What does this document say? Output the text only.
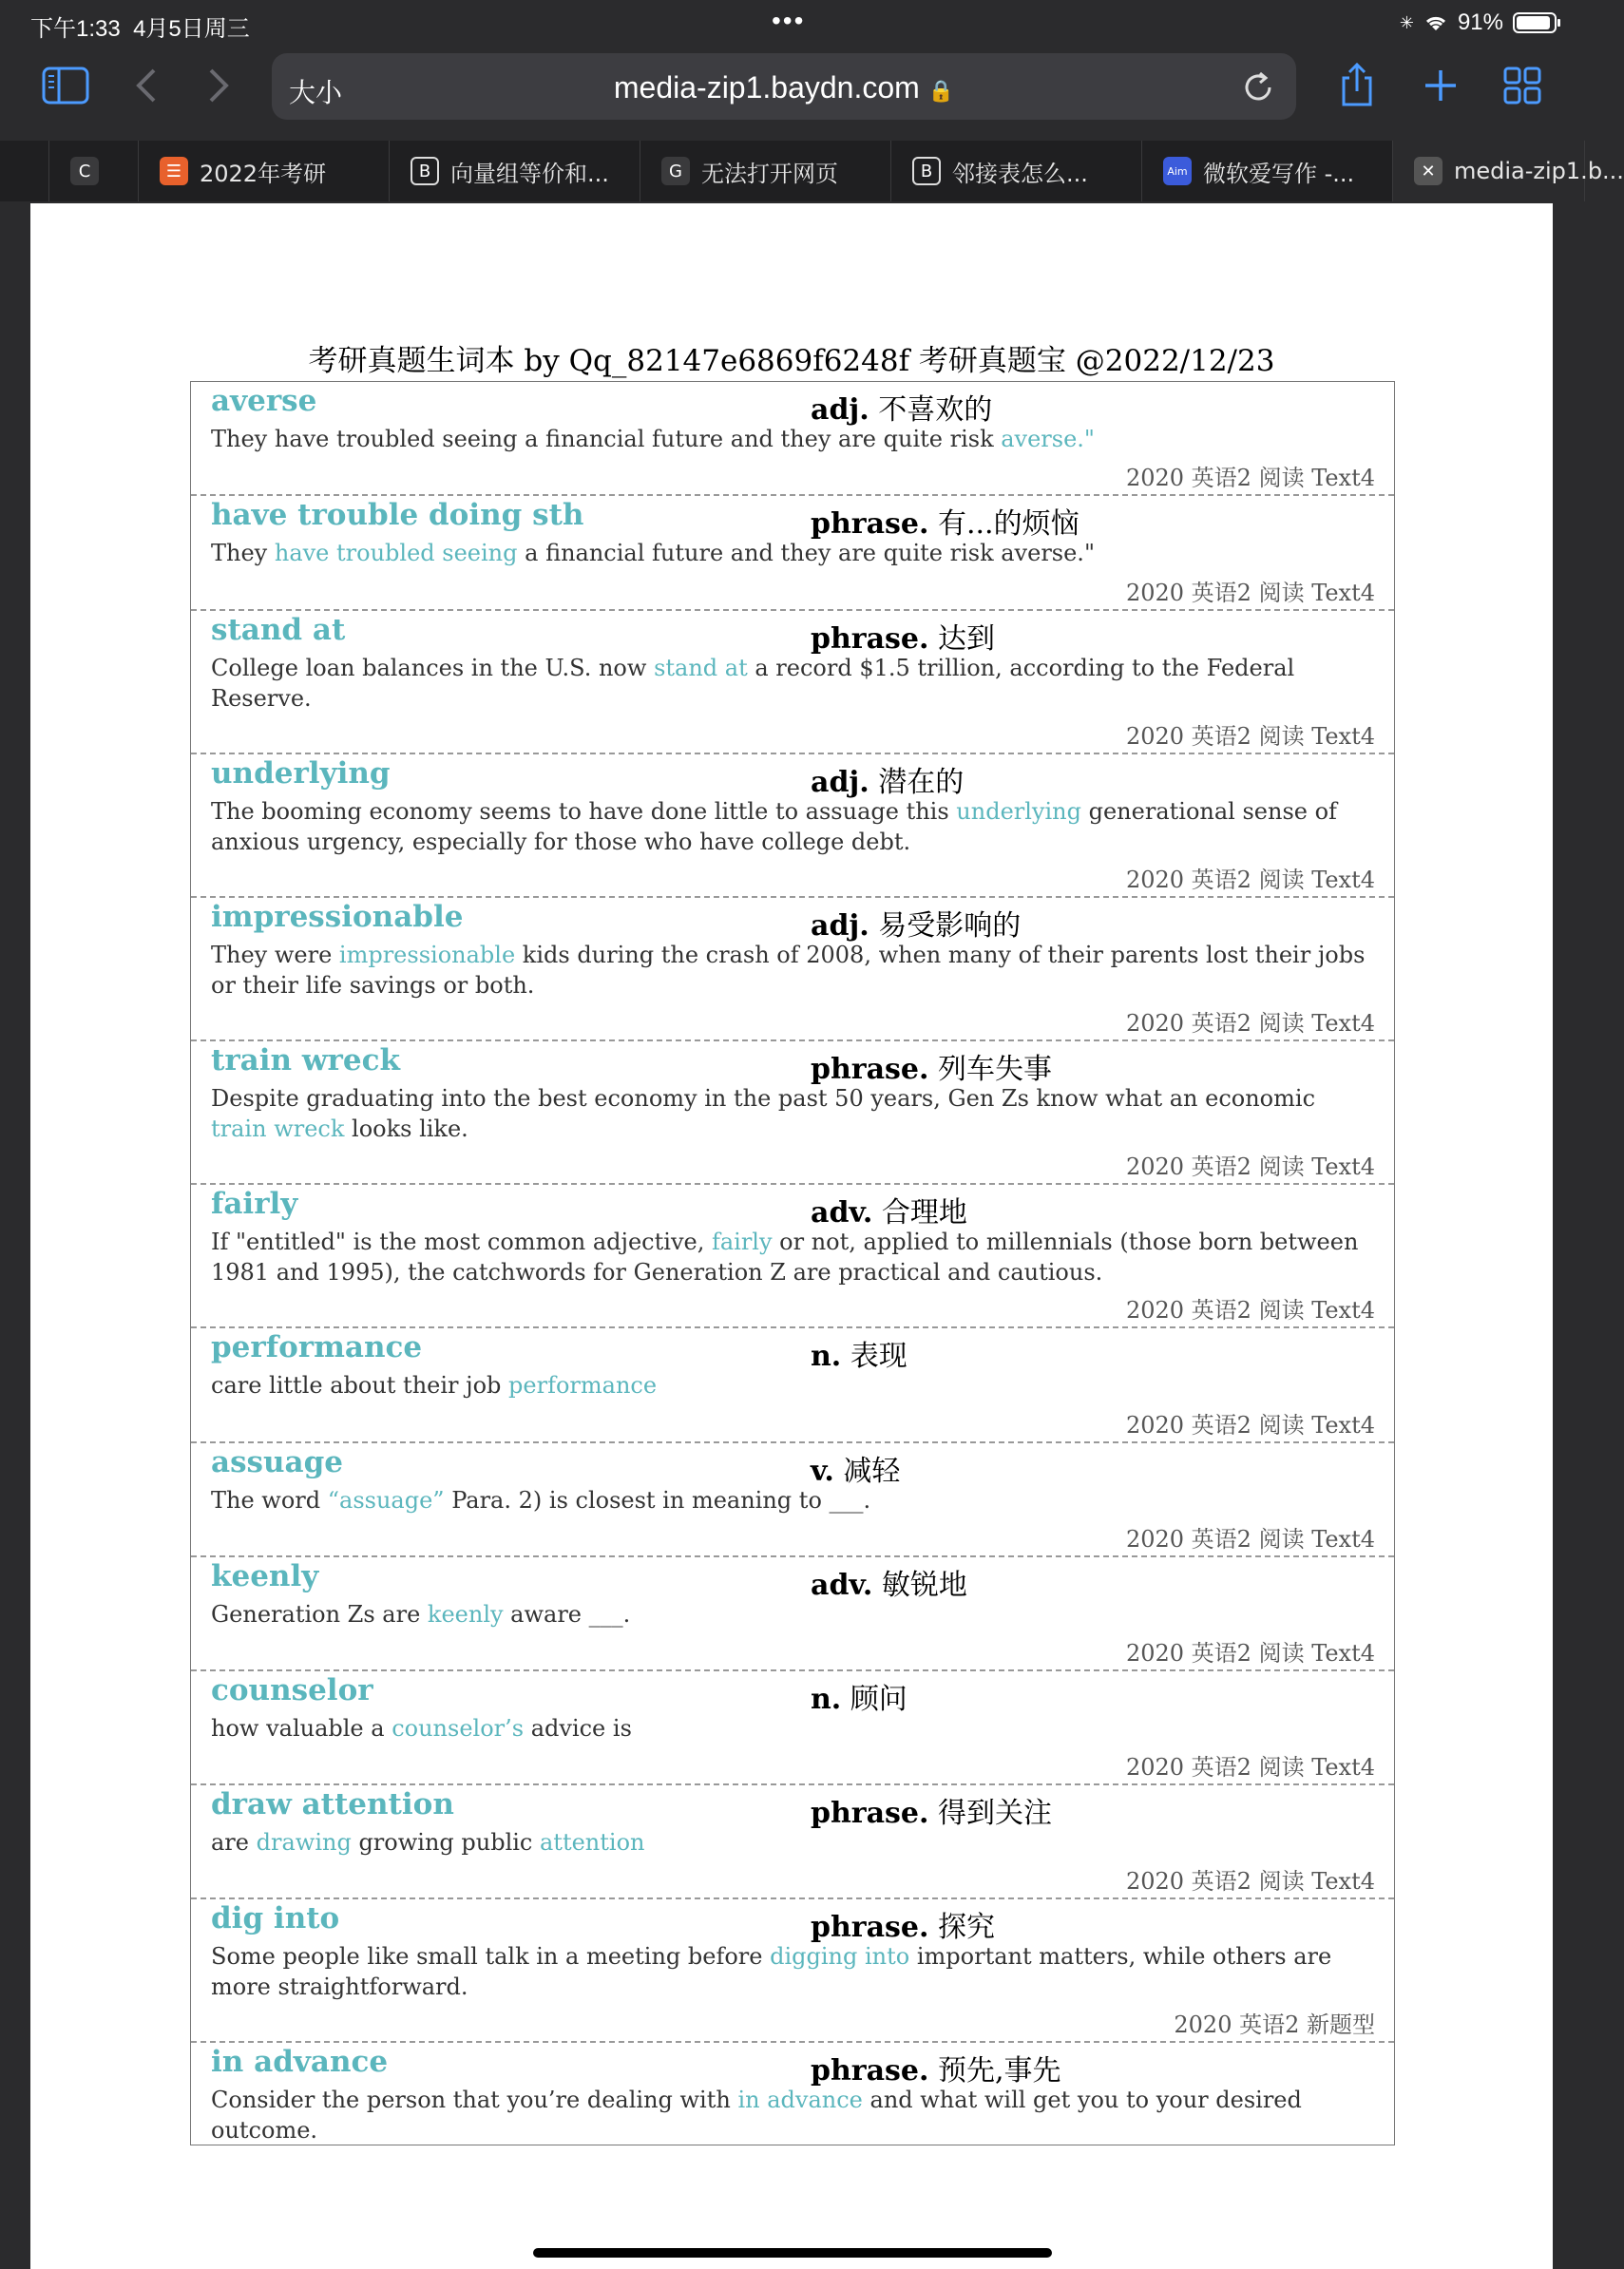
下午1:33 4月5日周三	•••	✳ 91%
大小	media-zip1.baydn.com 🔒
C	☰ 2022年考研	B 向量组等价和...	G 无法打开网页	B 邻接表怎么...	Aim 微软爱写作 -...	✕ media-zip1.b...
考研真题生词本 by Qq_82147e6869f6248f 考研真题宝 @2022/12/23
averse	adj. 不喜欢的
They have troubled seeing a financial future and they are quite risk averse."
2020 英语2 阅读 Text4
have trouble doing sth	phrase. 有...的烦恼
They have troubled seeing a financial future and they are quite risk averse."
2020 英语2 阅读 Text4
stand at	phrase. 达到
College loan balances in the U.S. now stand at a record $1.5 trillion, according to the Federal Reserve.
2020 英语2 阅读 Text4
underlying	adj. 潜在的
The booming economy seems to have done little to assuage this underlying generational sense of anxious urgency, especially for those who have college debt.
2020 英语2 阅读 Text4
impressionable	adj. 易受影响的
They were impressionable kids during the crash of 2008, when many of their parents lost their jobs or their life savings or both.
2020 英语2 阅读 Text4
train wreck	phrase. 列车失事
Despite graduating into the best economy in the past 50 years, Gen Zs know what an economic train wreck looks like.
2020 英语2 阅读 Text4
fairly	adv. 合理地
If "entitled" is the most common adjective, fairly or not, applied to millennials (those born between 1981 and 1995), the catchwords for Generation Z are practical and cautious.
2020 英语2 阅读 Text4
performance	n. 表现
care little about their job performance
2020 英语2 阅读 Text4
assuage	v. 减轻
The word “assuage” Para. 2) is closest in meaning to ___.
2020 英语2 阅读 Text4
keenly	adv. 敏锐地
Generation Zs are keenly aware ___.
2020 英语2 阅读 Text4
counselor	n. 顾问
how valuable a counselor’s advice is
2020 英语2 阅读 Text4
draw attention	phrase. 得到关注
are drawing growing public attention
2020 英语2 阅读 Text4
dig into	phrase. 探究
Some people like small talk in a meeting before digging into important matters, while others are more straightforward.
2020 英语2 新题型
in advance	phrase. 预先,事先
Consider the person that you’re dealing with in advance and what will get you to your desired outcome.
